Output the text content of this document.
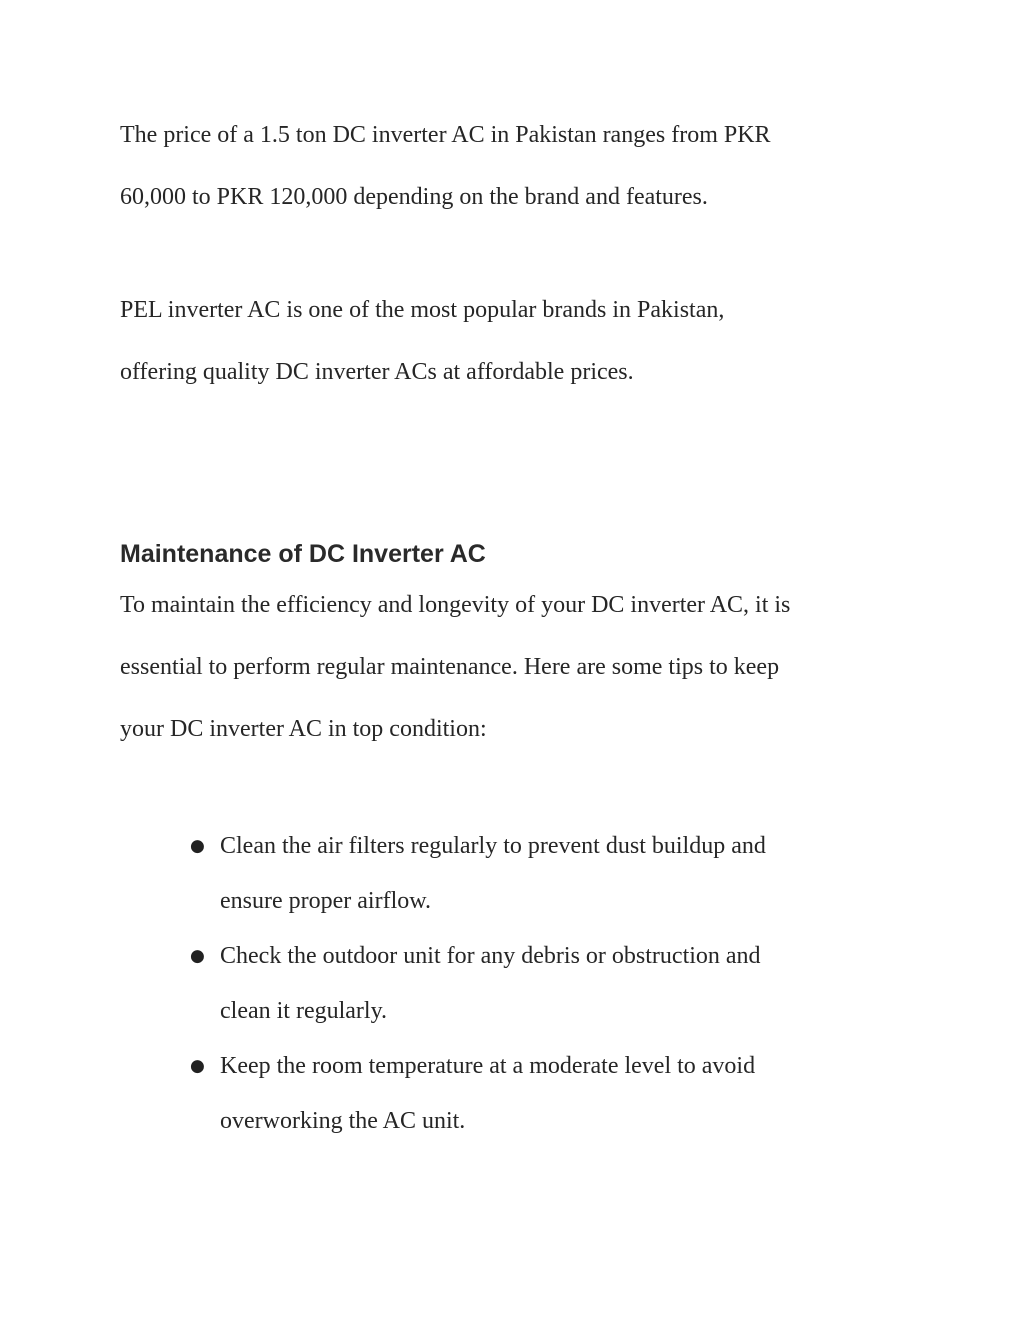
The price of a 1.5 ton DC inverter AC in Pakistan ranges from PKR
60,000 to PKR 120,000 depending on the brand and features.
PEL inverter AC is one of the most popular brands in Pakistan,
offering quality DC inverter ACs at affordable prices.
Maintenance of DC Inverter AC
To maintain the efficiency and longevity of your DC inverter AC, it is
essential to perform regular maintenance. Here are some tips to keep
your DC inverter AC in top condition:
● Clean the air filters regularly to prevent dust buildup and
ensure proper airflow.
● Check the outdoor unit for any debris or obstruction and
clean it regularly.
● Keep the room temperature at a moderate level to avoid
overworking the AC unit.
